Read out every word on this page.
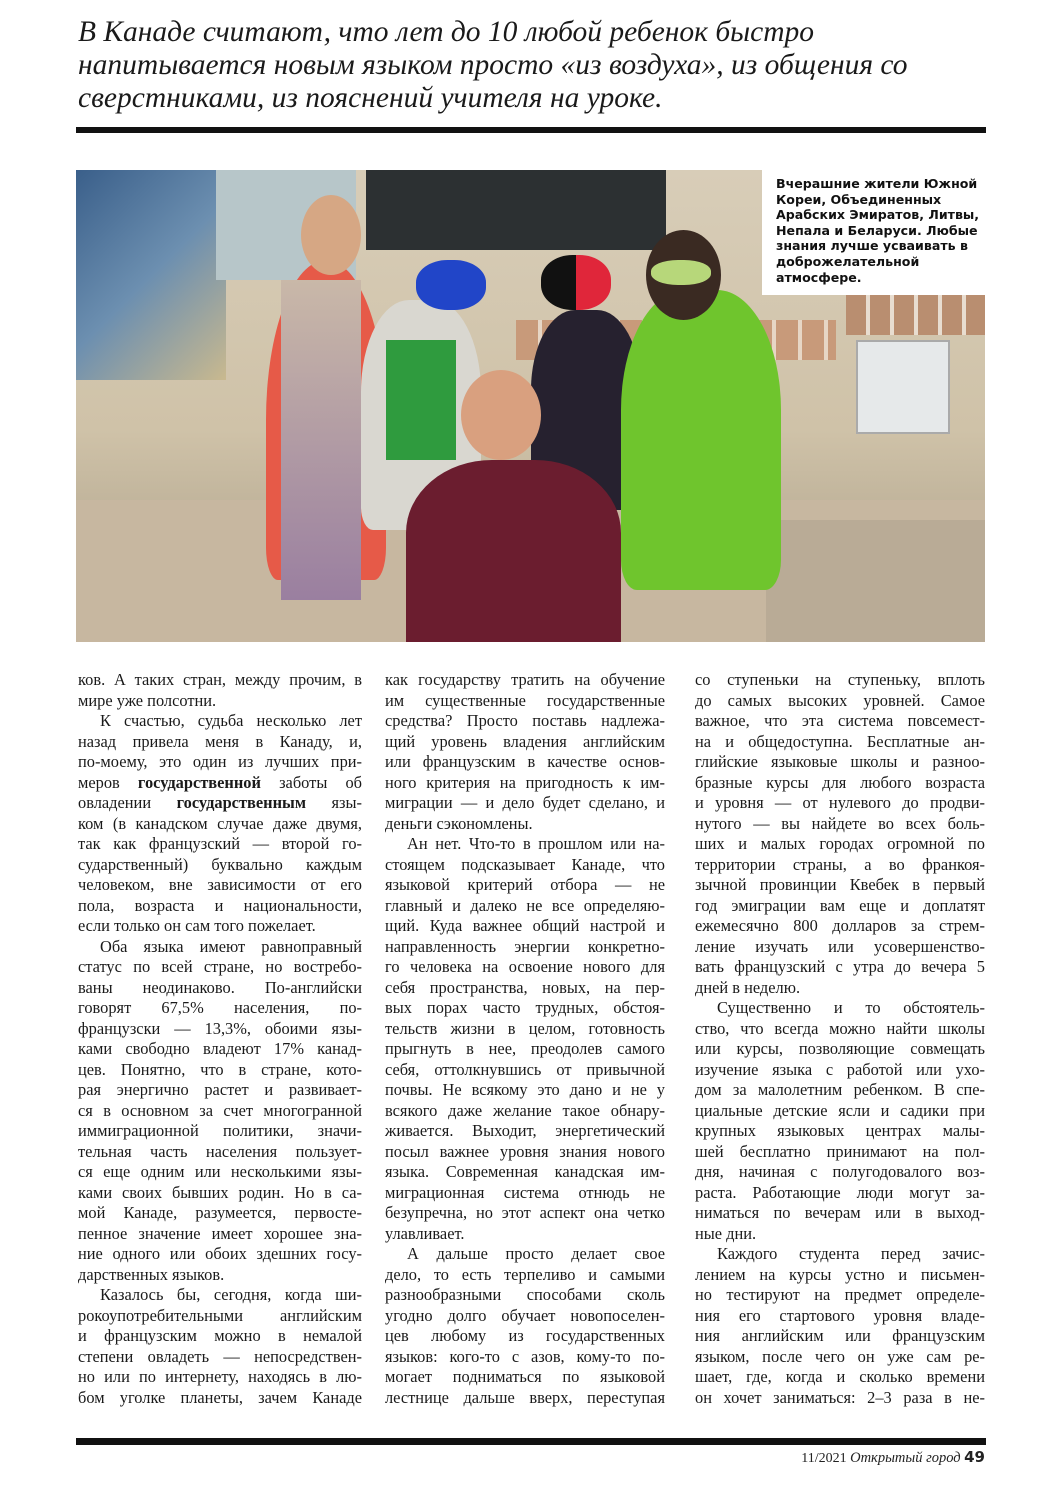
В Канаде считают, что лет до 10 любой ребенок быстро напитывается новым языком просто «из воздуха», из общения со сверстниками, из пояснений учителя на уроке.
Вчерашние жители Южной Кореи, Объединенных Арабских Эмиратов, Литвы, Непала и Беларуси. Любые знания лучше усваивать в доброжелательной атмосфере.
ков. А таких стран, между прочим, в
мире уже полсотни.
К счастью, судьба несколько лет
назад привела меня в Канаду, и,
по-моему, это один из лучших при-
меров государственной заботы об
овладении государственным язы-
ком (в канадском случае даже двумя,
так как французский — второй го-
сударственный) буквально каждым
человеком, вне зависимости от его
пола, возраста и национальности,
если только он сам того пожелает.
Оба языка имеют равноправный
статус по всей стране, но востребо-
ваны неодинаково. По-английски
говорят 67,5% населения, по-
французски — 13,3%, обоими язы-
ками свободно владеют 17% канад-
цев. Понятно, что в стране, кото-
рая энергично растет и развивает-
ся в основном за счет многогранной
иммиграционной политики, значи-
тельная часть населения пользует-
ся еще одним или несколькими язы-
ками своих бывших родин. Но в са-
мой Канаде, разумеется, первосте-
пенное значение имеет хорошее зна-
ние одного или обоих здешних госу-
дарственных языков.
Казалось бы, сегодня, когда ши-
рокоупотребительными английским
и французским можно в немалой
степени овладеть — непосредствен-
но или по интернету, находясь в лю-
бом уголке планеты, зачем Канаде
как государству тратить на обучение
им существенные государственные
средства? Просто поставь надлежа-
щий уровень владения английским
или французским в качестве основ-
ного критерия на пригодность к им-
миграции — и дело будет сделано, и
деньги сэкономлены.
Ан нет. Что-то в прошлом или на-
стоящем подсказывает Канаде, что
языковой критерий отбора — не
главный и далеко не все определяю-
щий. Куда важнее общий настрой и
направленность энергии конкретно-
го человека на освоение нового для
себя пространства, новых, на пер-
вых порах часто трудных, обстоя-
тельств жизни в целом, готовность
прыгнуть в нее, преодолев самого
себя, оттолкнувшись от привычной
почвы. Не всякому это дано и не у
всякого даже желание такое обнару-
живается. Выходит, энергетический
посыл важнее уровня знания нового
языка. Современная канадская им-
миграционная система отнюдь не
безупречна, но этот аспект она четко
улавливает.
А дальше просто делает свое
дело, то есть терпеливо и самыми
разнообразными способами сколь
угодно долго обучает новопоселен-
цев любому из государственных
языков: кого-то с азов, кому-то по-
могает подниматься по языковой
лестнице дальше вверх, переступая
со ступеньки на ступеньку, вплоть
до самых высоких уровней. Самое
важное, что эта система повсемест-
на и общедоступна. Бесплатные ан-
глийские языковые школы и разноо-
бразные курсы для любого возраста
и уровня — от нулевого до продви-
нутого — вы найдете во всех боль-
ших и малых городах огромной по
территории страны, а во франкоя-
зычной провинции Квебек в первый
год эмиграции вам еще и доплатят
ежемесячно 800 долларов за стрем-
ление изучать или усовершенство-
вать французский с утра до вечера 5
дней в неделю.
Существенно и то обстоятель-
ство, что всегда можно найти школы
или курсы, позволяющие совмещать
изучение языка с работой или ухо-
дом за малолетним ребенком. В спе-
циальные детские ясли и садики при
крупных языковых центрах малы-
шей бесплатно принимают на пол-
дня, начиная с полугодовалого воз-
раста. Работающие люди могут за-
ниматься по вечерам или в выход-
ные дни.
Каждого студента перед зачис-
лением на курсы устно и письмен-
но тестируют на предмет определе-
ния его стартового уровня владе-
ния английским или французским
языком, после чего он уже сам ре-
шает, где, когда и сколько времени
он хочет заниматься: 2–3 раза в не-
11/2021 Открытый город 49
